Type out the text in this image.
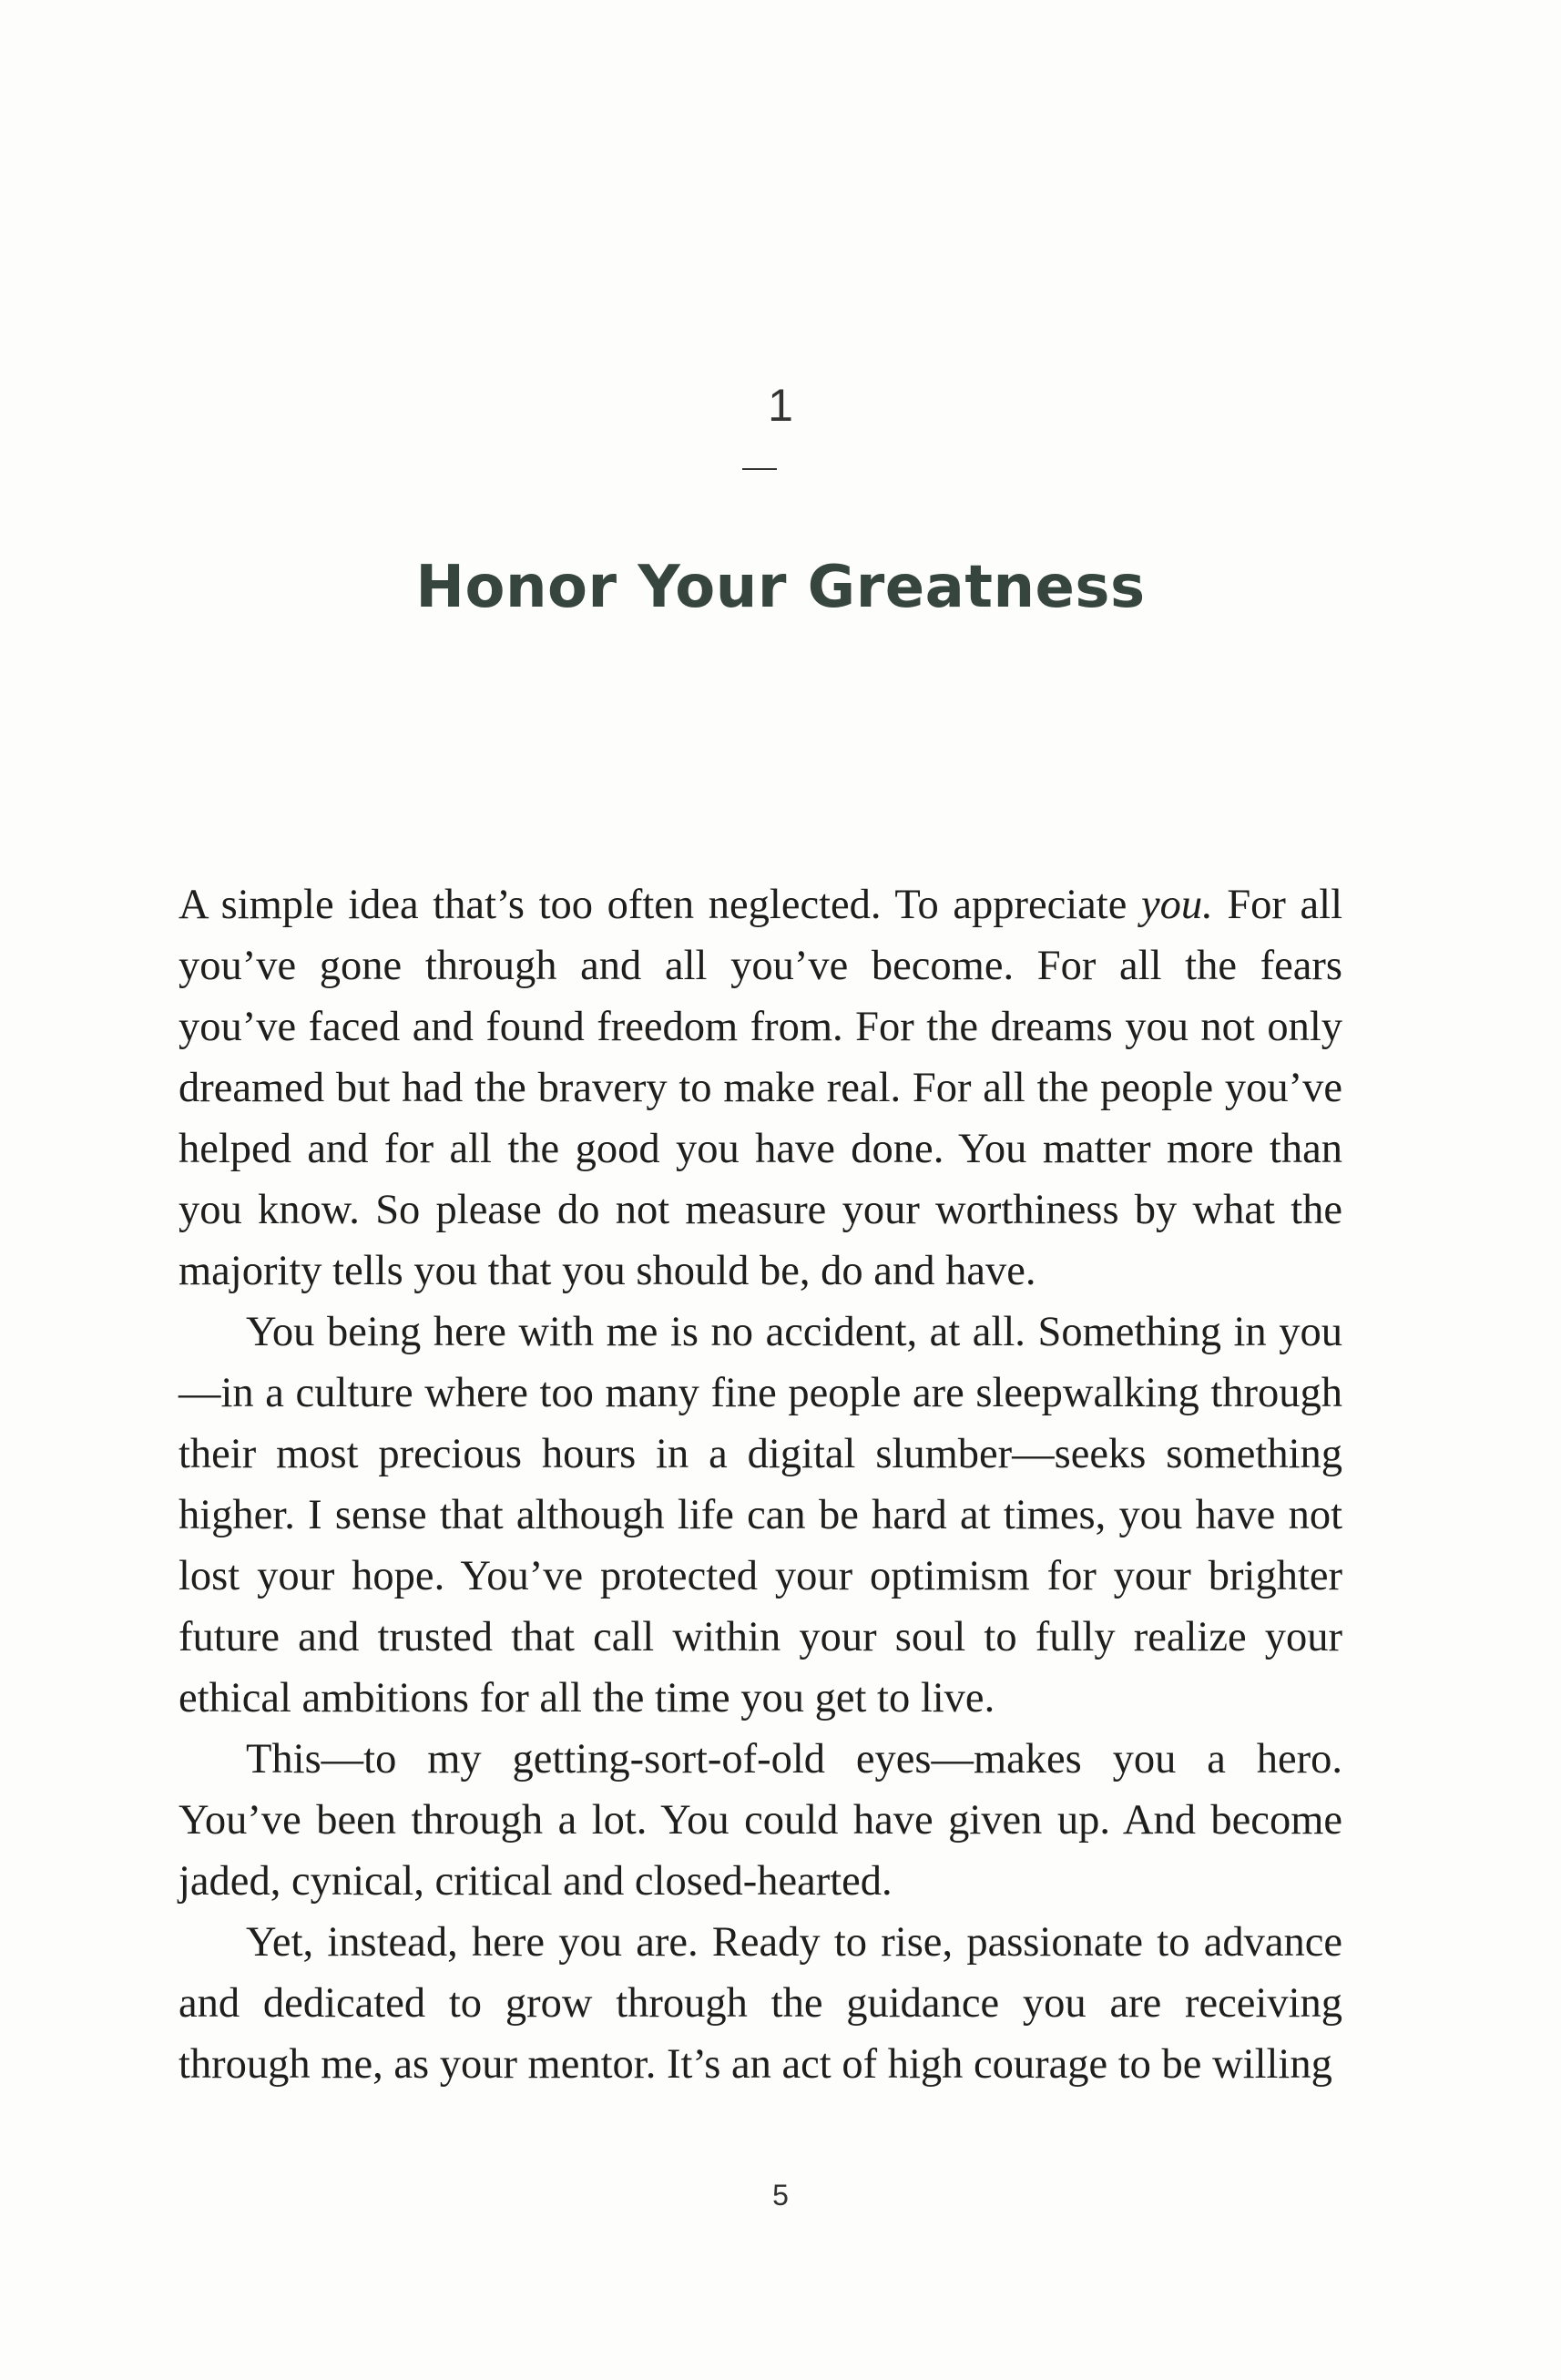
1
Honor Your Greatness

A simple idea that’s too often neglected. To appreciate you. For all you’ve gone through and all you’ve become. For all the fears you’ve faced and found freedom from. For the dreams you not only dreamed but had the bravery to make real. For all the people you’ve helped and for all the good you have done. You matter more than you know. So please do not measure your worthiness by what the majority tells you that you should be, do and have.

You being here with me is no accident, at all. Something in you—in a culture where too many fine people are sleepwalking through their most precious hours in a digital slumber—seeks something higher. I sense that although life can be hard at times, you have not lost your hope. You’ve protected your optimism for your brighter future and trusted that call within your soul to fully realize your ethical ambitions for all the time you get to live.

This—to my getting-sort-of-old eyes—makes you a hero. You’ve been through a lot. You could have given up. And become jaded, cynical, critical and closed-hearted.

Yet, instead, here you are. Ready to rise, passionate to advance and dedicated to grow through the guidance you are receiving through me, as your mentor. It’s an act of high courage to be willing

5
